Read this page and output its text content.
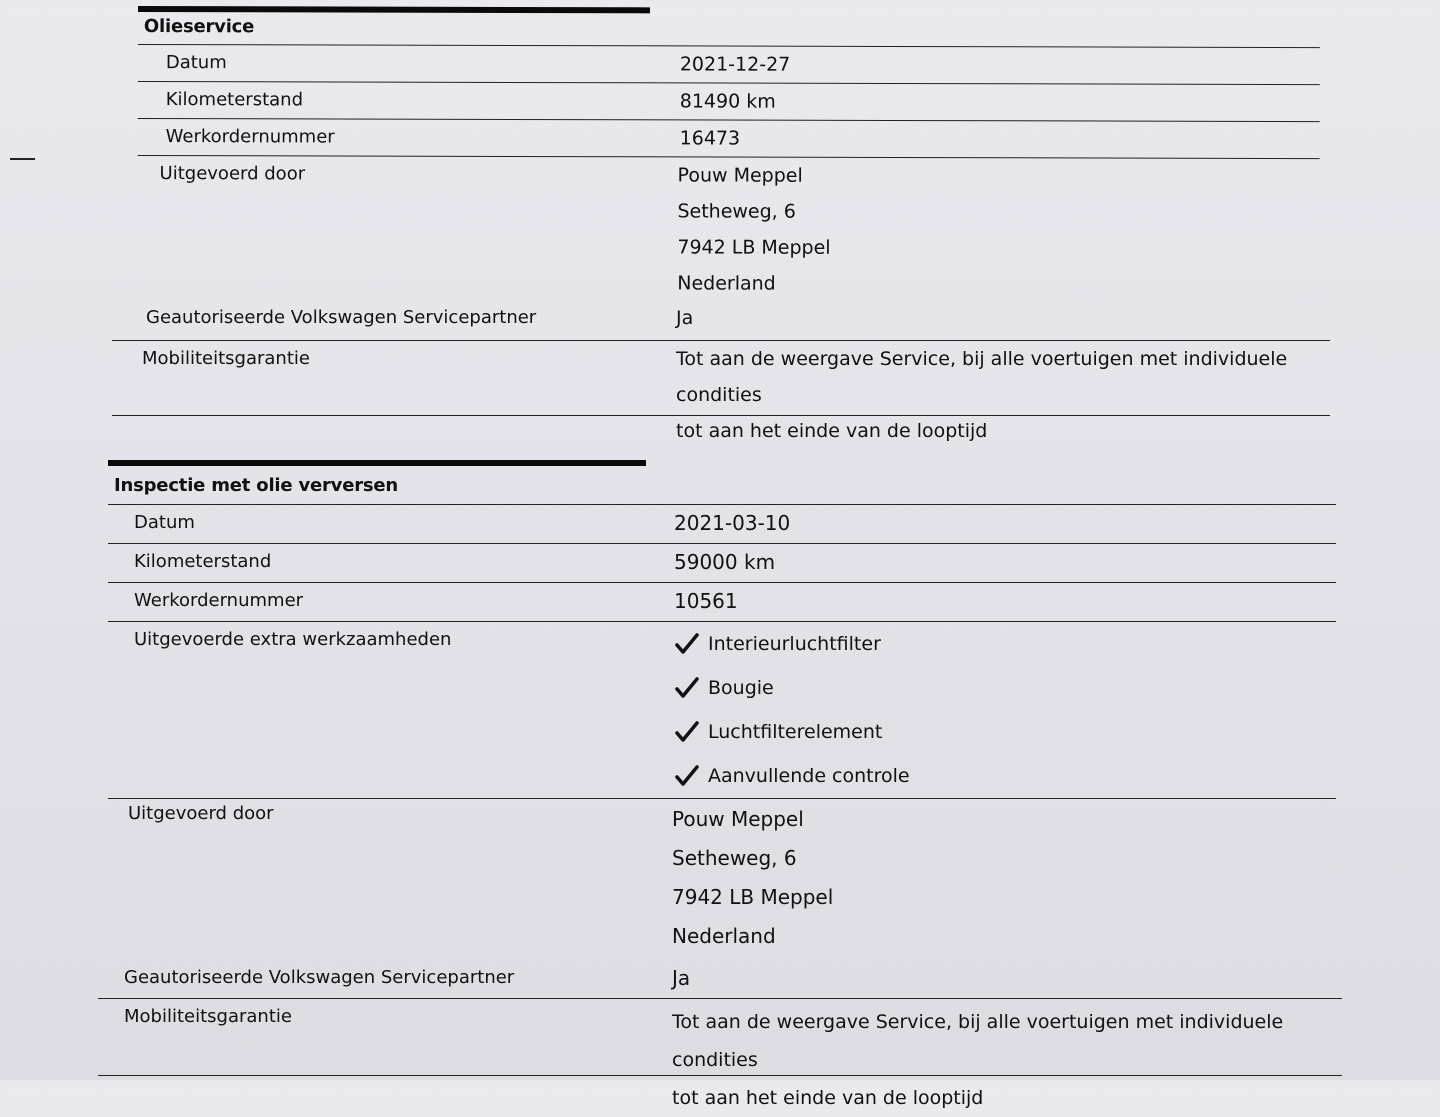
Olieservice
Datum	2021-12-27
Kilometerstand	81490 km
Werkordernummer	16473
Uitgevoerd door	Pouw Meppel
Setheweg, 6
7942 LB Meppel
Nederland
Geautoriseerde Volkswagen Servicepartner	Ja
Mobiliteitsgarantie	Tot aan de weergave Service, bij alle voertuigen met individuele condities
tot aan het einde van de looptijd
Inspectie met olie verversen
Datum	2021-03-10
Kilometerstand	59000 km
Werkordernummer	10561
Uitgevoerde extra werkzaamheden	Interieurluchtfilter
Bougie
Luchtfilterelement
Aanvullende controle
Uitgevoerd door	Pouw Meppel
Setheweg, 6
7942 LB Meppel
Nederland
Geautoriseerde Volkswagen Servicepartner	Ja
Mobiliteitsgarantie	Tot aan de weergave Service, bij alle voertuigen met individuele condities
tot aan het einde van de looptijd
